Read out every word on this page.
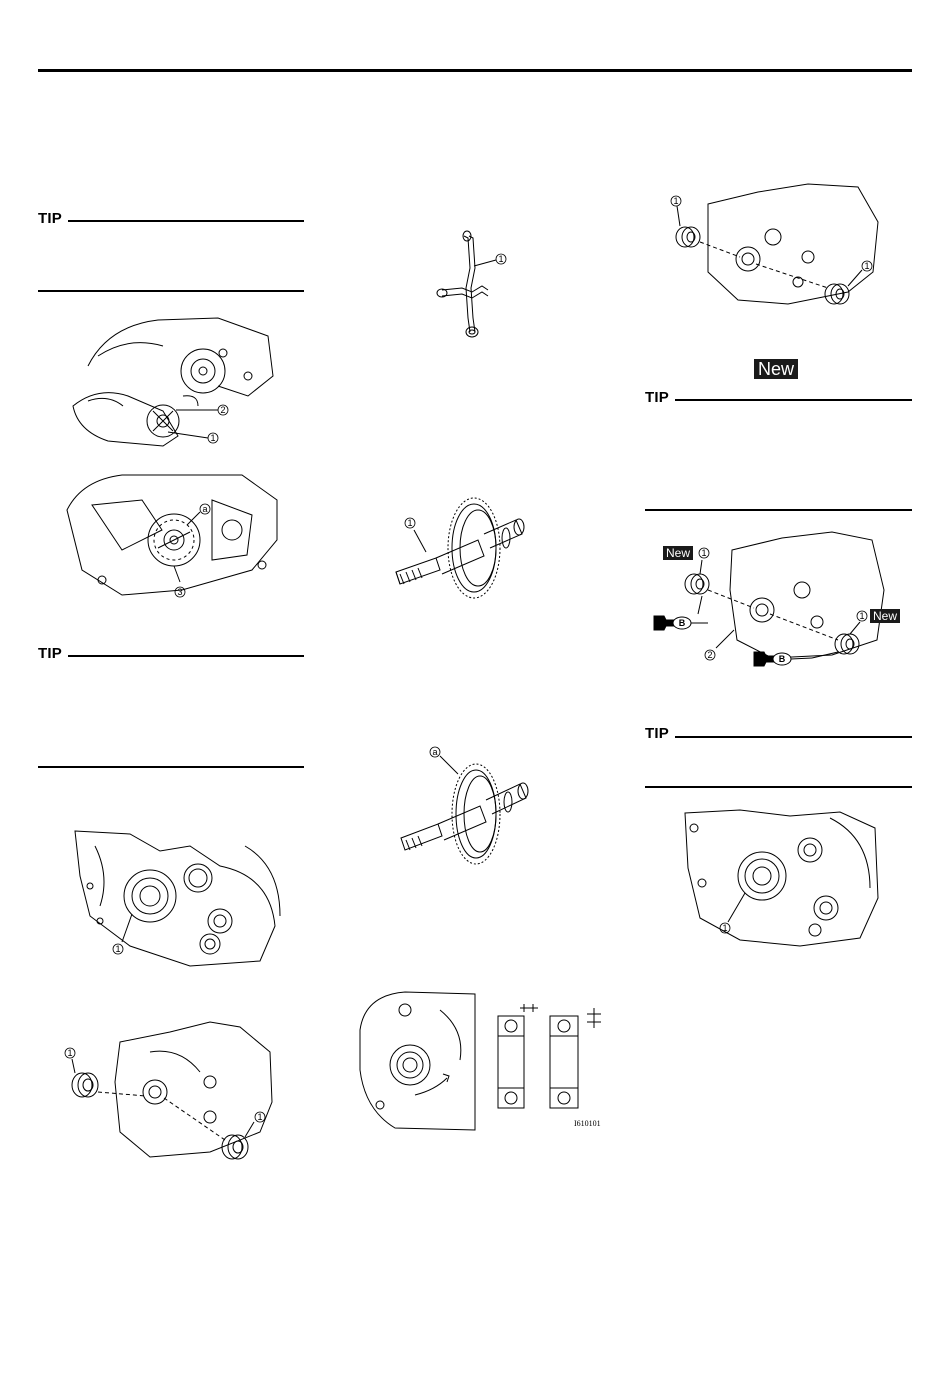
TIP
2
1
a
3
TIP
1
1
1
1
1
a
I610101
1
1
New
TIP
B
B
1
1
2
New
New
TIP
1
